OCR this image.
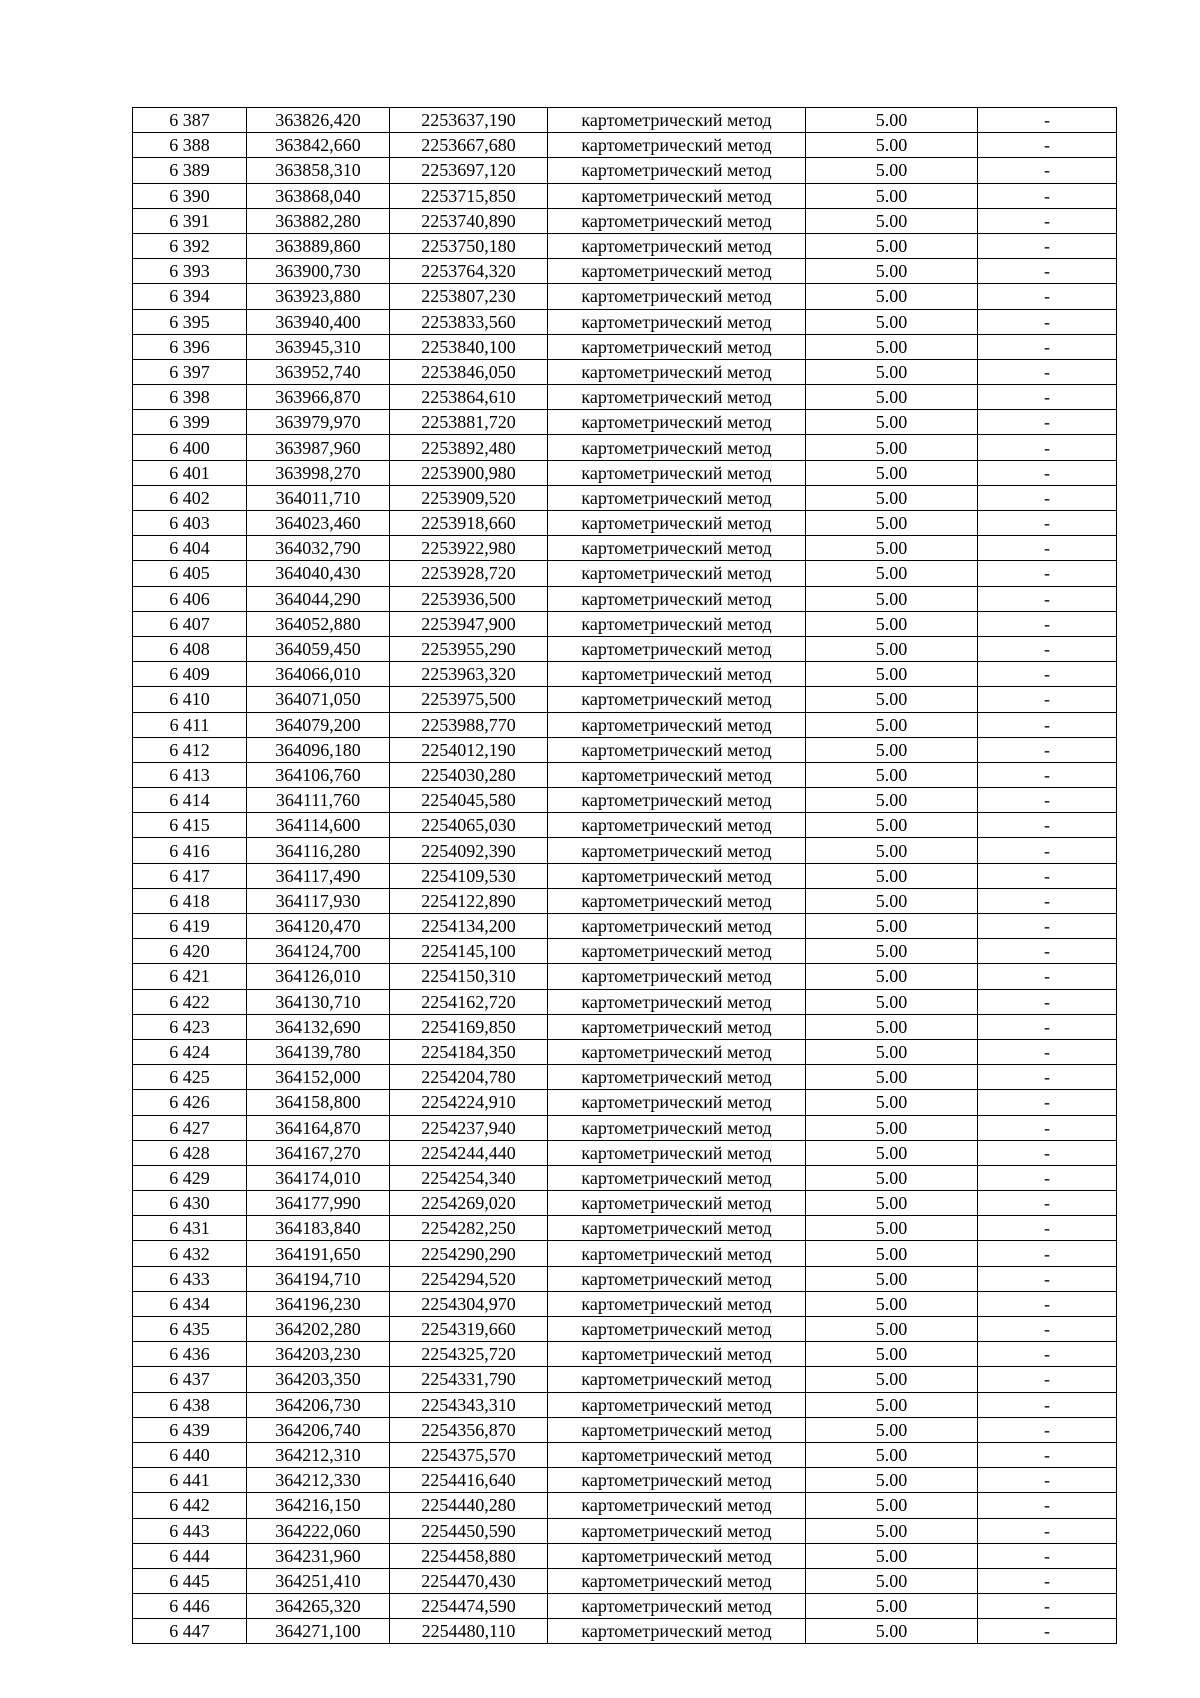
6 387	363826,420	2253637,190	картометрический метод	5.00	-
6 388	363842,660	2253667,680	картометрический метод	5.00	-
6 389	363858,310	2253697,120	картометрический метод	5.00	-
6 390	363868,040	2253715,850	картометрический метод	5.00	-
6 391	363882,280	2253740,890	картометрический метод	5.00	-
6 392	363889,860	2253750,180	картометрический метод	5.00	-
6 393	363900,730	2253764,320	картометрический метод	5.00	-
6 394	363923,880	2253807,230	картометрический метод	5.00	-
6 395	363940,400	2253833,560	картометрический метод	5.00	-
6 396	363945,310	2253840,100	картометрический метод	5.00	-
6 397	363952,740	2253846,050	картометрический метод	5.00	-
6 398	363966,870	2253864,610	картометрический метод	5.00	-
6 399	363979,970	2253881,720	картометрический метод	5.00	-
6 400	363987,960	2253892,480	картометрический метод	5.00	-
6 401	363998,270	2253900,980	картометрический метод	5.00	-
6 402	364011,710	2253909,520	картометрический метод	5.00	-
6 403	364023,460	2253918,660	картометрический метод	5.00	-
6 404	364032,790	2253922,980	картометрический метод	5.00	-
6 405	364040,430	2253928,720	картометрический метод	5.00	-
6 406	364044,290	2253936,500	картометрический метод	5.00	-
6 407	364052,880	2253947,900	картометрический метод	5.00	-
6 408	364059,450	2253955,290	картометрический метод	5.00	-
6 409	364066,010	2253963,320	картометрический метод	5.00	-
6 410	364071,050	2253975,500	картометрический метод	5.00	-
6 411	364079,200	2253988,770	картометрический метод	5.00	-
6 412	364096,180	2254012,190	картометрический метод	5.00	-
6 413	364106,760	2254030,280	картометрический метод	5.00	-
6 414	364111,760	2254045,580	картометрический метод	5.00	-
6 415	364114,600	2254065,030	картометрический метод	5.00	-
6 416	364116,280	2254092,390	картометрический метод	5.00	-
6 417	364117,490	2254109,530	картометрический метод	5.00	-
6 418	364117,930	2254122,890	картометрический метод	5.00	-
6 419	364120,470	2254134,200	картометрический метод	5.00	-
6 420	364124,700	2254145,100	картометрический метод	5.00	-
6 421	364126,010	2254150,310	картометрический метод	5.00	-
6 422	364130,710	2254162,720	картометрический метод	5.00	-
6 423	364132,690	2254169,850	картометрический метод	5.00	-
6 424	364139,780	2254184,350	картометрический метод	5.00	-
6 425	364152,000	2254204,780	картометрический метод	5.00	-
6 426	364158,800	2254224,910	картометрический метод	5.00	-
6 427	364164,870	2254237,940	картометрический метод	5.00	-
6 428	364167,270	2254244,440	картометрический метод	5.00	-
6 429	364174,010	2254254,340	картометрический метод	5.00	-
6 430	364177,990	2254269,020	картометрический метод	5.00	-
6 431	364183,840	2254282,250	картометрический метод	5.00	-
6 432	364191,650	2254290,290	картометрический метод	5.00	-
6 433	364194,710	2254294,520	картометрический метод	5.00	-
6 434	364196,230	2254304,970	картометрический метод	5.00	-
6 435	364202,280	2254319,660	картометрический метод	5.00	-
6 436	364203,230	2254325,720	картометрический метод	5.00	-
6 437	364203,350	2254331,790	картометрический метод	5.00	-
6 438	364206,730	2254343,310	картометрический метод	5.00	-
6 439	364206,740	2254356,870	картометрический метод	5.00	-
6 440	364212,310	2254375,570	картометрический метод	5.00	-
6 441	364212,330	2254416,640	картометрический метод	5.00	-
6 442	364216,150	2254440,280	картометрический метод	5.00	-
6 443	364222,060	2254450,590	картометрический метод	5.00	-
6 444	364231,960	2254458,880	картометрический метод	5.00	-
6 445	364251,410	2254470,430	картометрический метод	5.00	-
6 446	364265,320	2254474,590	картометрический метод	5.00	-
6 447	364271,100	2254480,110	картометрический метод	5.00	-
